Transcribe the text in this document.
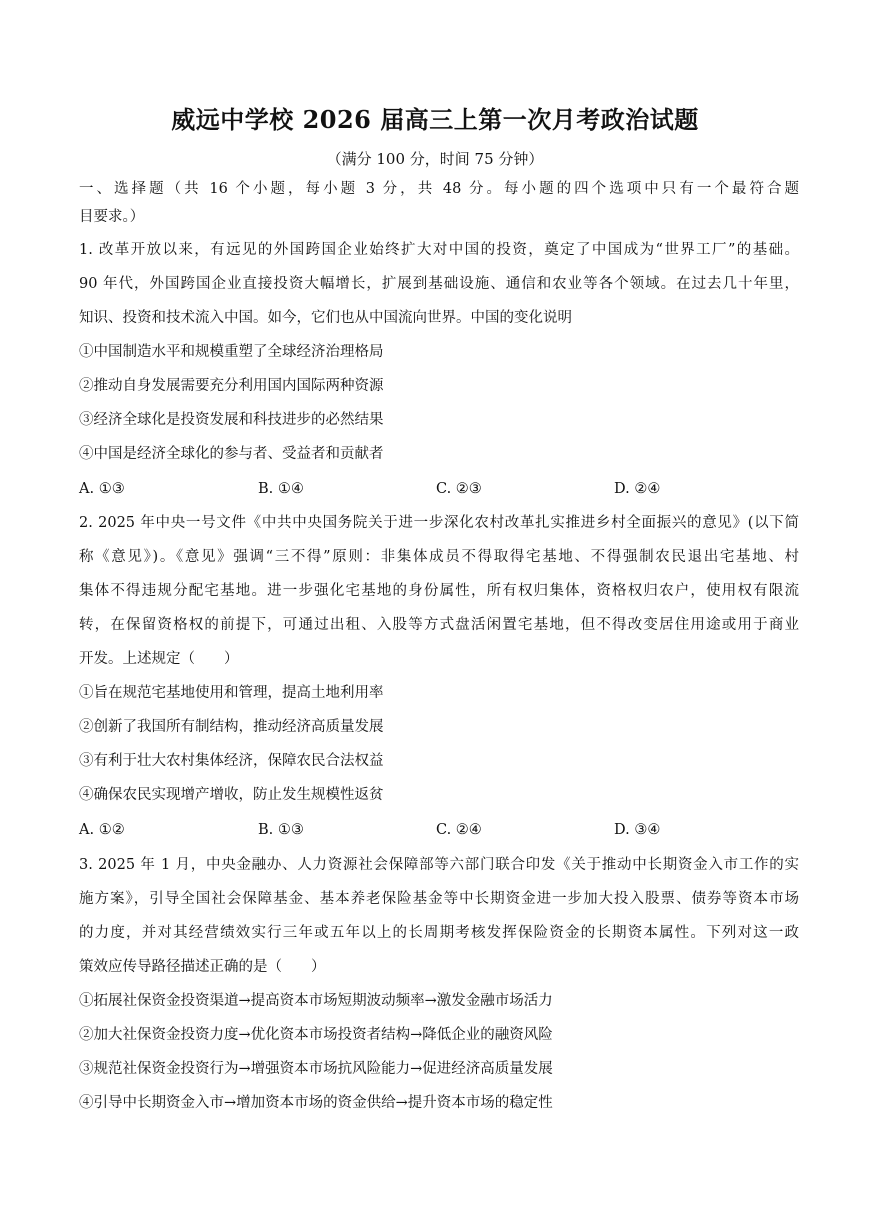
威远中学校 2026 届高三上第一次月考政治试题
（满分 100 分，时间 75 分钟）
一、选择题（共 16 个小题，每小题 3 分，共 48 分。每小题的四个选项中只有一个最符合题
目要求。）
1. 改革开放以来，有远见的外国跨国企业始终扩大对中国的投资，奠定了中国成为“世界工厂”的基础。
90 年代，外国跨国企业直接投资大幅增长，扩展到基础设施、通信和农业等各个领域。在过去几十年里，
知识、投资和技术流入中国。如今，它们也从中国流向世界。中国的变化说明
①中国制造水平和规模重塑了全球经济治理格局
②推动自身发展需要充分利用国内国际两种资源
③经济全球化是投资发展和科技进步的必然结果
④中国是经济全球化的参与者、受益者和贡献者
A. ①③	B. ①④	C. ②③	D. ②④
2. 2025 年中央一号文件《中共中央国务院关于进一步深化农村改革扎实推进乡村全面振兴的意见》(以下简
称《意见》)。《意见》强调“三不得”原则：非集体成员不得取得宅基地、不得强制农民退出宅基地、村
集体不得违规分配宅基地。进一步强化宅基地的身份属性，所有权归集体，资格权归农户，使用权有限流
转，在保留资格权的前提下，可通过出租、入股等方式盘活闲置宅基地，但不得改变居住用途或用于商业
开发。上述规定（　　）
①旨在规范宅基地使用和管理，提高土地利用率
②创新了我国所有制结构，推动经济高质量发展
③有利于壮大农村集体经济，保障农民合法权益
④确保农民实现增产增收，防止发生规模性返贫
A. ①②	B. ①③	C. ②④	D. ③④
3. 2025 年 1 月，中央金融办、人力资源社会保障部等六部门联合印发《关于推动中长期资金入市工作的实
施方案》，引导全国社会保障基金、基本养老保险基金等中长期资金进一步加大投入股票、债券等资本市场
的力度，并对其经营绩效实行三年或五年以上的长周期考核发挥保险资金的长期资本属性。下列对这一政
策效应传导路径描述正确的是（　　）
①拓展社保资金投资渠道→提高资本市场短期波动频率→激发金融市场活力
②加大社保资金投资力度→优化资本市场投资者结构→降低企业的融资风险
③规范社保资金投资行为→增强资本市场抗风险能力→促进经济高质量发展
④引导中长期资金入市→增加资本市场的资金供给→提升资本市场的稳定性
